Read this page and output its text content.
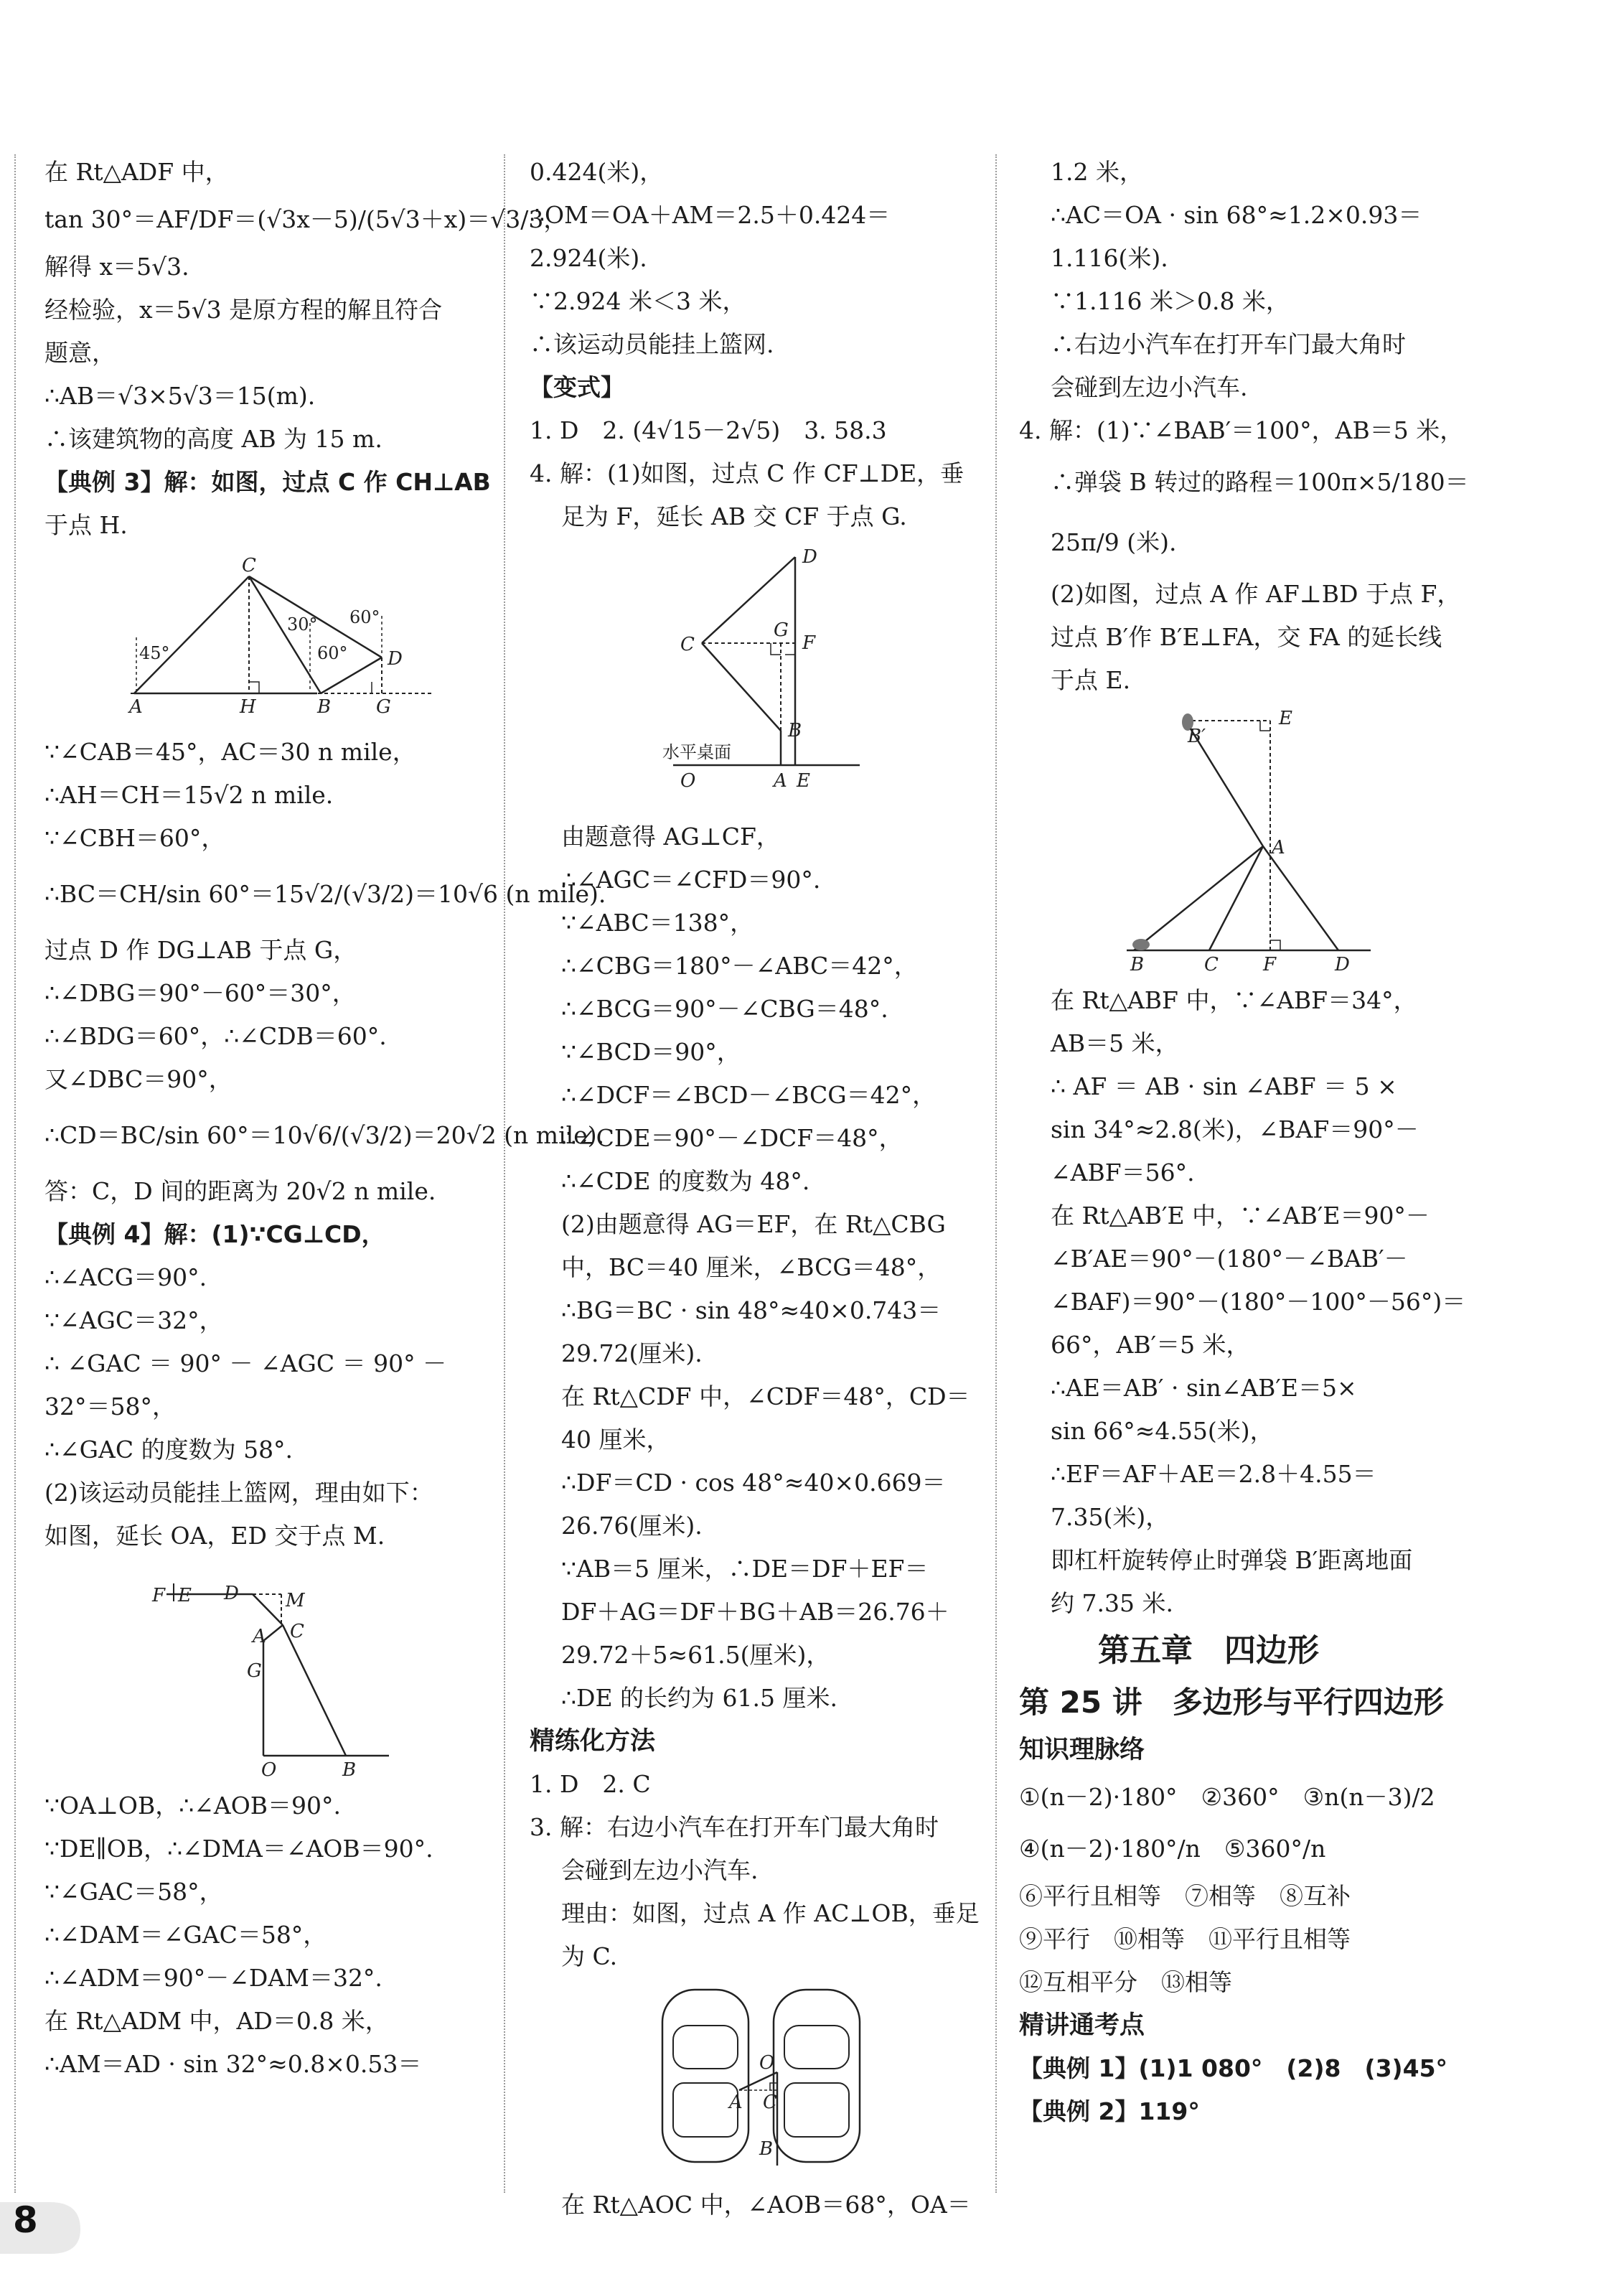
在 Rt△ADF 中，

tan 30°＝AF/DF＝(√3x－5)/(5√3＋x)＝√3/3，

解得 x＝5√3.

经检验，x＝5√3 是原方程的解且符合

题意，

∴AB＝√3×5√3＝15(m).

∴该建筑物的高度 AB 为 15 m.

【典例 3】解：如图，过点 C 作 CH⊥AB

于点 H.

C
A	H	B G
D
45°
30°
60°
60°

∵∠CAB＝45°，AC＝30 n mile，

∴AH＝CH＝15√2 n mile.

∵∠CBH＝60°，

∴BC＝CH/sin 60°＝15√2/(√3/2)＝10√6 (n mile).

过点 D 作 DG⊥AB 于点 G，

∴∠DBG＝90°－60°＝30°，

∴∠BDG＝60°，∴∠CDB＝60°.

又∠DBC＝90°，

∴CD＝BC/sin 60°＝10√6/(√3/2)＝20√2 (n mile).

答：C，D 间的距离为 20√2 n mile.

【典例 4】解：(1)∵CG⊥CD，

∴∠ACG＝90°.

∵∠AGC＝32°，

∴ ∠GAC ＝ 90° － ∠AGC ＝ 90° －

32°＝58°，

∴∠GAC 的度数为 58°.

(2)该运动员能挂上篮网，理由如下：

如图，延长 OA，ED 交于点 M.

F E D	M
A C
G
O	B

∵OA⊥OB，∴∠AOB＝90°.

∵DE∥OB，∴∠DMA＝∠AOB＝90°.

∵∠GAC＝58°，

∴∠DAM＝∠GAC＝58°，

∴∠ADM＝90°－∠DAM＝32°.

在 Rt△ADM 中，AD＝0.8 米，

∴AM＝AD · sin 32°≈0.8×0.53＝

0.424(米)，

∴OM＝OA＋AM＝2.5＋0.424＝

2.924(米).

∵2.924 米＜3 米，

∴该运动员能挂上篮网.

【变式】

1. D　2. (4√15－2√5)　3. 58.3

4. 解：(1)如图，过点 C 作 CF⊥DE，垂

足为 F，延长 AB 交 CF 于点 G.

D
C
G
F
B
O	A E
水平桌面

由题意得 AG⊥CF，

∴∠AGC＝∠CFD＝90°.

∵∠ABC＝138°，

∴∠CBG＝180°－∠ABC＝42°，

∴∠BCG＝90°－∠CBG＝48°.

∵∠BCD＝90°，

∴∠DCF＝∠BCD－∠BCG＝42°，

∴∠CDE＝90°－∠DCF＝48°，

∴∠CDE 的度数为 48°.

(2)由题意得 AG＝EF，在 Rt△CBG

中，BC＝40 厘米，∠BCG＝48°，

∴BG＝BC · sin 48°≈40×0.743＝

29.72(厘米).

在 Rt△CDF 中，∠CDF＝48°，CD＝

40 厘米，

∴DF＝CD · cos 48°≈40×0.669＝

26.76(厘米).

∵AB＝5 厘米，∴DE＝DF＋EF＝

DF＋AG＝DF＋BG＋AB＝26.76＋

29.72＋5≈61.5(厘米)，

∴DE 的长约为 61.5 厘米.

精练化方法

1. D　2. C

3. 解：右边小汽车在打开车门最大角时

会碰到左边小汽车.

理由：如图，过点 A 作 AC⊥OB，垂足

为 C.

O
A C
B

在 Rt△AOC 中，∠AOB＝68°，OA＝

1.2 米，

∴AC＝OA · sin 68°≈1.2×0.93＝

1.116(米).

∵1.116 米＞0.8 米，

∴右边小汽车在打开车门最大角时

会碰到左边小汽车.

4. 解：(1)∵∠BAB′＝100°，AB＝5 米，

∴弹袋 B 转过的路程＝100π×5/180＝

25π/9 (米).

(2)如图，过点 A 作 AF⊥BD 于点 F，

过点 B′作 B′E⊥FA，交 FA 的延长线

于点 E.

B′
E
A
B	C F	D

在 Rt△ABF 中，∵∠ABF＝34°，

AB＝5 米，

∴ AF ＝ AB · sin ∠ABF ＝ 5 ×

sin 34°≈2.8(米)，∠BAF＝90°－

∠ABF＝56°.

在 Rt△AB′E 中，∵∠AB′E＝90°－

∠B′AE＝90°－(180°－∠BAB′－

∠BAF)＝90°－(180°－100°－56°)＝

66°，AB′＝5 米，

∴AE＝AB′ · sin∠AB′E＝5×

sin 66°≈4.55(米)，

∴EF＝AF＋AE＝2.8＋4.55＝

7.35(米)，

即杠杆旋转停止时弹袋 B′距离地面

约 7.35 米.

第五章　四边形

第 25 讲　多边形与平行四边形

知识理脉络

①(n－2)·180°　②360°　③n(n－3)/2

④(n－2)·180°/n　⑤360°/n

⑥平行且相等　⑦相等　⑧互补

⑨平行　⑩相等　⑪平行且相等

⑫互相平分　⑬相等

精讲通考点

【典例 1】(1)1 080°　(2)8　(3)45°

【典例 2】119°

8
